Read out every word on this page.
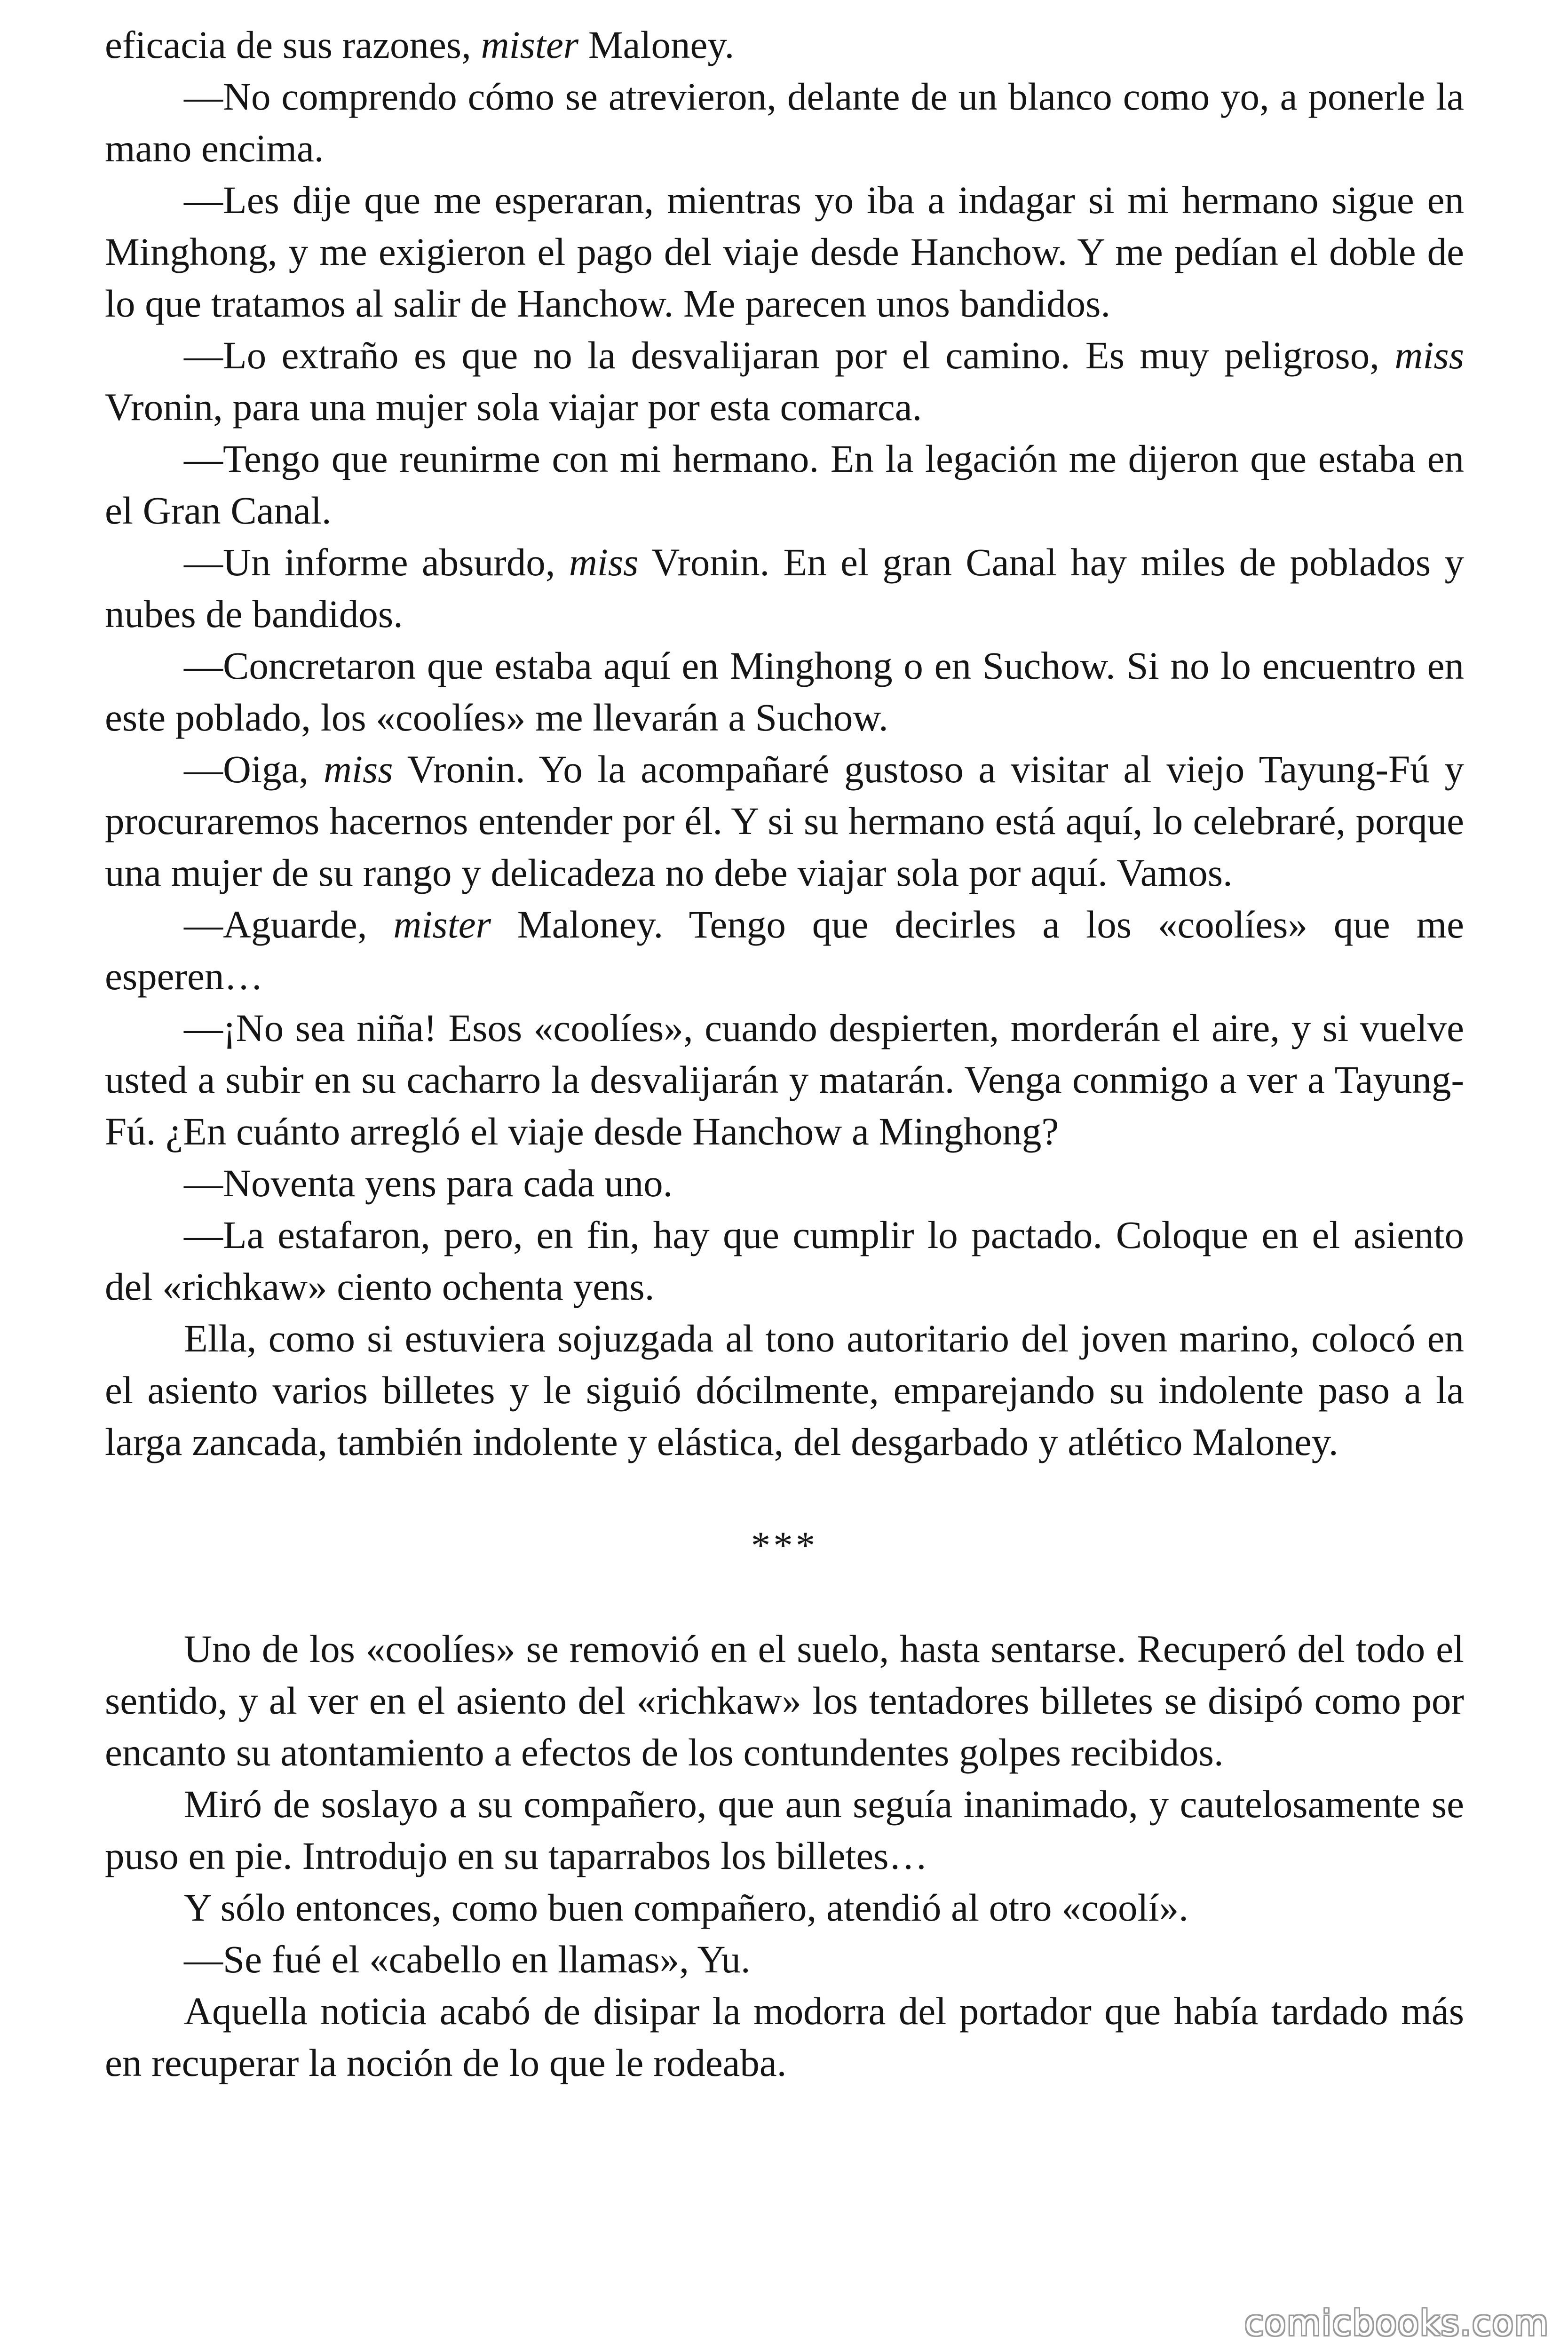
eficacia de sus razones, mister Maloney.

—No comprendo cómo se atrevieron, delante de un blanco como yo, a ponerle la mano encima.

—Les dije que me esperaran, mientras yo iba a indagar si mi hermano sigue en Minghong, y me exigieron el pago del viaje desde Hanchow. Y me pedían el doble de lo que tratamos al salir de Hanchow. Me parecen unos bandidos.

—Lo extraño es que no la desvalijaran por el camino. Es muy peligroso, miss Vronin, para una mujer sola viajar por esta comarca.

—Tengo que reunirme con mi hermano. En la legación me dijeron que estaba en el Gran Canal.

—Un informe absurdo, miss Vronin. En el gran Canal hay miles de poblados y nubes de bandidos.

—Concretaron que estaba aquí en Minghong o en Suchow. Si no lo encuentro en este poblado, los «coolíes» me llevarán a Suchow.

—Oiga, miss Vronin. Yo la acompañaré gustoso a visitar al viejo Tayung-Fú y procuraremos hacernos entender por él. Y si su hermano está aquí, lo celebraré, porque una mujer de su rango y delicadeza no debe viajar sola por aquí. Vamos.

—Aguarde, mister Maloney. Tengo que decirles a los «coolíes» que me esperen…

—¡No sea niña! Esos «coolíes», cuando despierten, morderán el aire, y si vuelve usted a subir en su cacharro la desvalijarán y matarán. Venga conmigo a ver a Tayung-Fú. ¿En cuánto arregló el viaje desde Hanchow a Minghong?

—Noventa yens para cada uno.

—La estafaron, pero, en fin, hay que cumplir lo pactado. Coloque en el asiento del «richkaw» ciento ochenta yens.

Ella, como si estuviera sojuzgada al tono autoritario del joven marino, colocó en el asiento varios billetes y le siguió dócilmente, emparejando su indolente paso a la larga zancada, también indolente y elástica, del desgarbado y atlético Maloney.

***

Uno de los «coolíes» se removió en el suelo, hasta sentarse. Recuperó del todo el sentido, y al ver en el asiento del «richkaw» los tentadores billetes se disipó como por encanto su atontamiento a efectos de los contundentes golpes recibidos.

Miró de soslayo a su compañero, que aun seguía inanimado, y cautelosamente se puso en pie. Introdujo en su taparrabos los billetes…

Y sólo entonces, como buen compañero, atendió al otro «coolí».

—Se fué el «cabello en llamas», Yu.

Aquella noticia acabó de disipar la modorra del portador que había tardado más en recuperar la noción de lo que le rodeaba.

comicbooks.com
